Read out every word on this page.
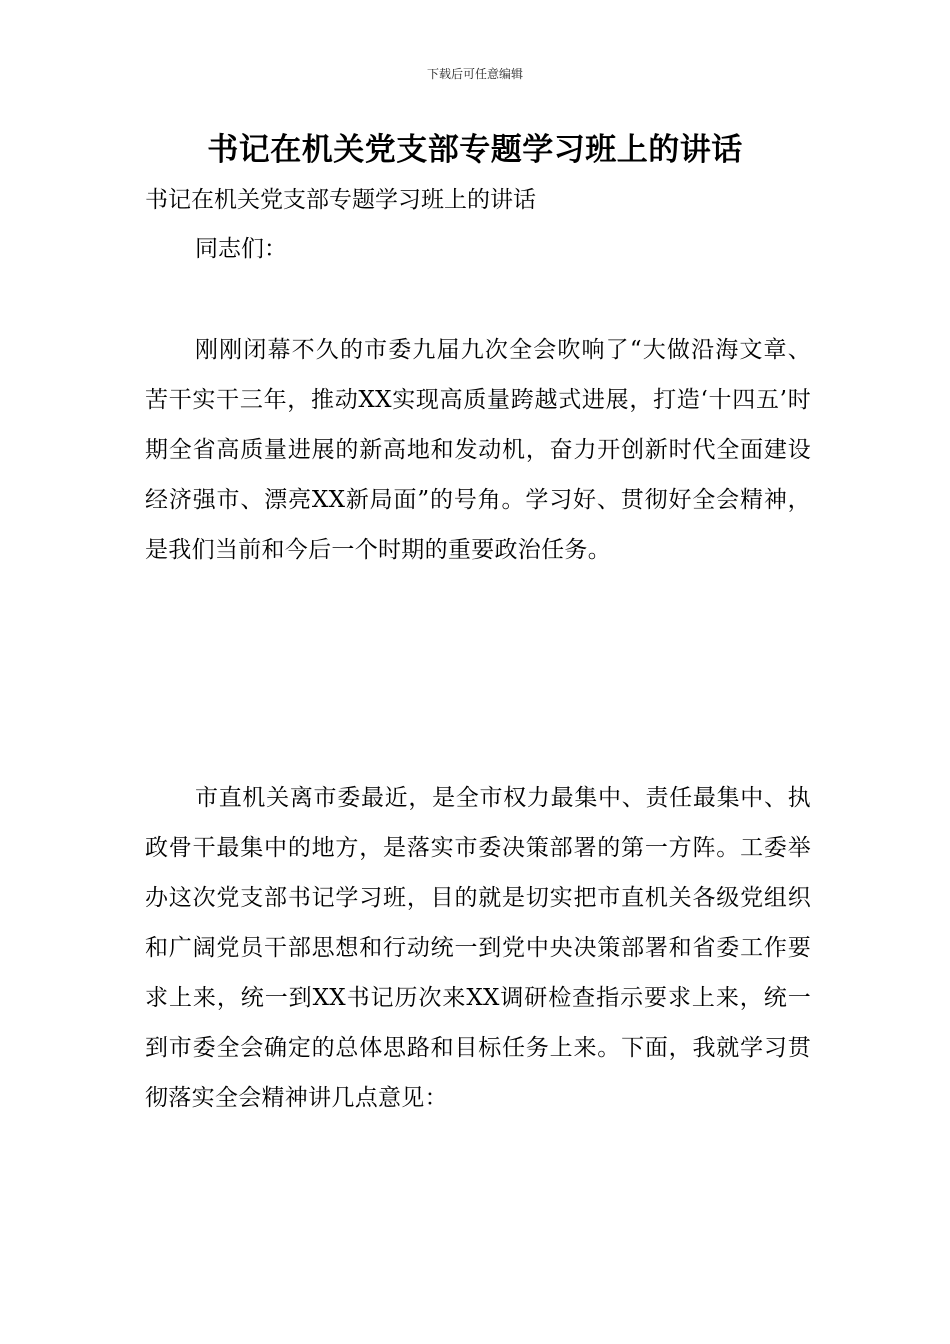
下载后可任意编辑
书记在机关党支部专题学习班上的讲话

书记在机关党支部专题学习班上的讲话

同志们：

刚刚闭幕不久的市委九届九次全会吹响了“大做沿海文章、苦干实干三年，推动XX实现高质量跨越式进展，打造‘十四五’时期全省高质量进展的新高地和发动机，奋力开创新时代全面建设经济强市、漂亮XX新局面”的号角。学习好、贯彻好全会精神，是我们当前和今后一个时期的重要政治任务。

市直机关离市委最近，是全市权力最集中、责任最集中、执政骨干最集中的地方，是落实市委决策部署的第一方阵。工委举办这次党支部书记学习班，目的就是切实把市直机关各级党组织和广阔党员干部思想和行动统一到党中央决策部署和省委工作要求上来，统一到XX书记历次来XX调研检查指示要求上来，统一到市委全会确定的总体思路和目标任务上来。下面，我就学习贯彻落实全会精神讲几点意见：
